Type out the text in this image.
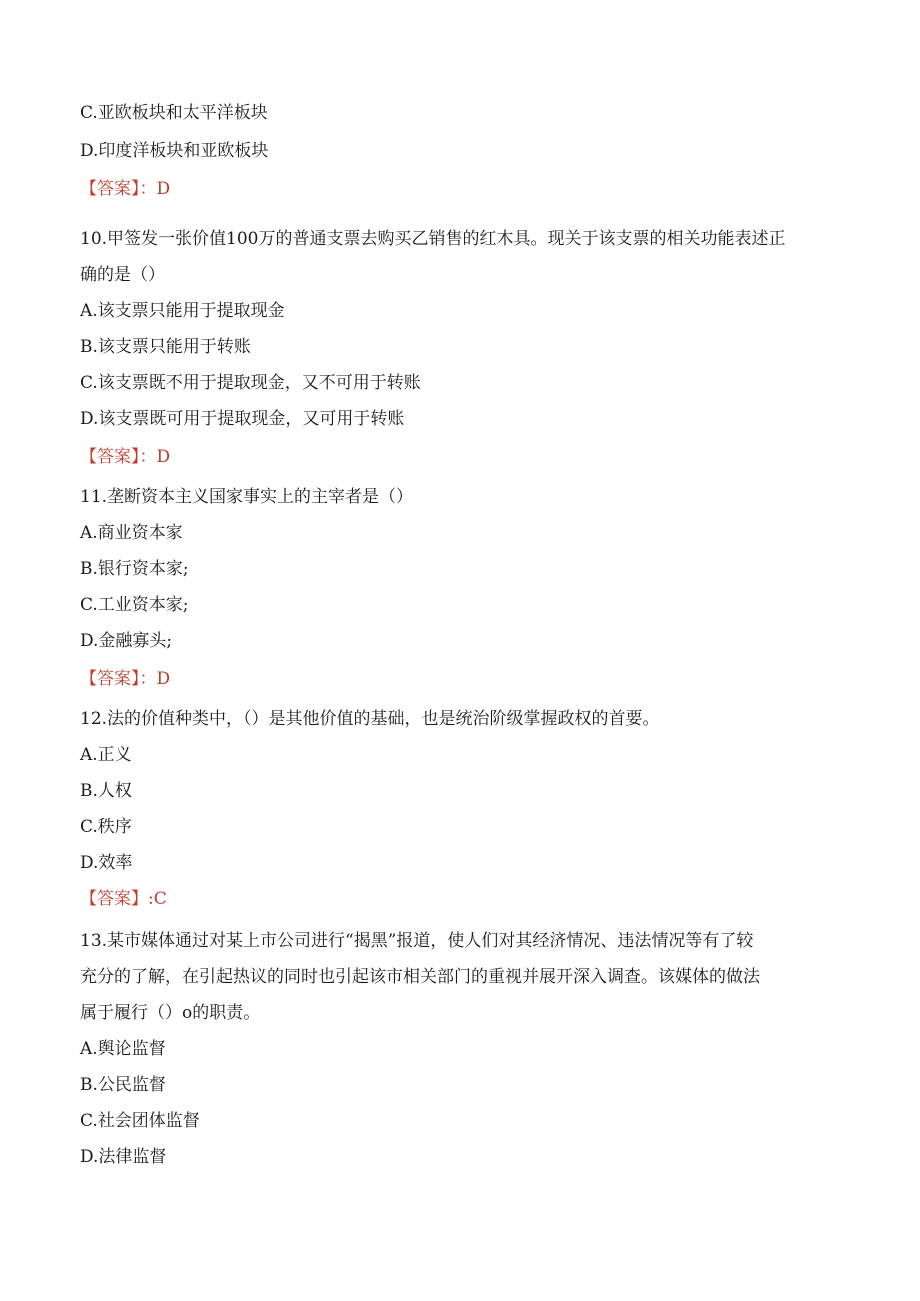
C.亚欧板块和太平洋板块
D.印度洋板块和亚欧板块
【答案】：D
10.甲签发一张价值100万的普通支票去购买乙销售的红木具。现关于该支票的相关功能表述正
确的是（）
A.该支票只能用于提取现金
B.该支票只能用于转账
C.该支票既不用于提取现金，又不可用于转账
D.该支票既可用于提取现金，又可用于转账
【答案】：D
11.垄断资本主义国家事实上的主宰者是（）
A.商业资本家
B.银行资本家;
C.工业资本家;
D.金融寡头;
【答案】：D
12.法的价值种类中，（）是其他价值的基础，也是统治阶级掌握政权的首要。
A.正义
B.人权
C.秩序
D.效率
【答案】:C
13.某市媒体通过对某上市公司进行“揭黑”报道，使人们对其经济情况、违法情况等有了较
充分的了解，在引起热议的同时也引起该市相关部门的重视并展开深入调查。该媒体的做法
属于履行（）o的职责。
A.舆论监督
B.公民监督
C.社会团体监督
D.法律监督
